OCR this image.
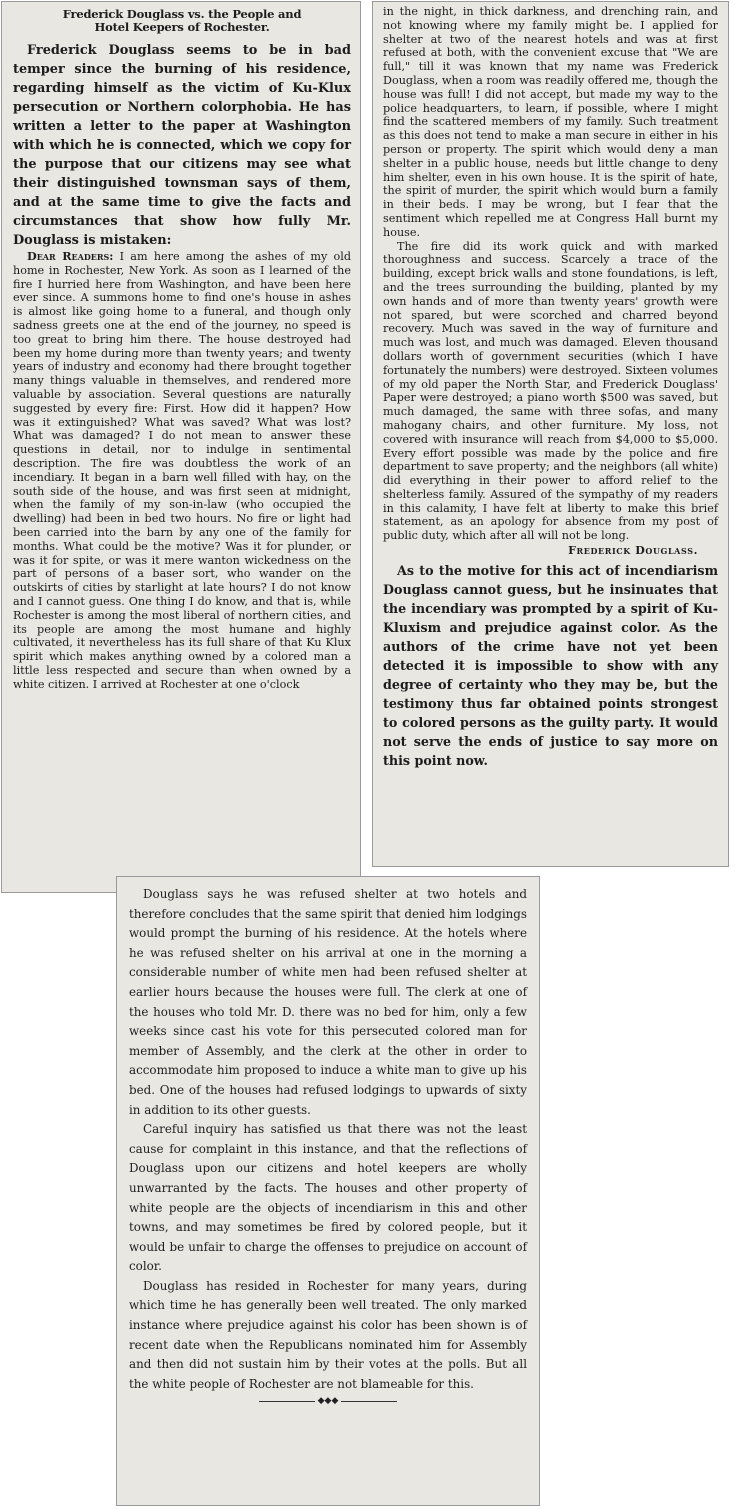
Frederick Douglass vs. the People and
Hotel Keepers of Rochester.

Frederick Douglass seems to be in bad temper since the burning of his residence, regarding himself as the victim of Ku-Klux persecution or Northern colorphobia. He has written a letter to the paper at Washington with which he is connected, which we copy for the purpose that our citizens may see what their distinguished townsman says of them, and at the same time to give the facts and circumstances that show how fully Mr. Douglass is mistaken:

Dear Readers: I am here among the ashes of my old home in Rochester, New York. As soon as I learned of the fire I hurried here from Washington, and have been here ever since. A summons home to find one's house in ashes is almost like going home to a funeral, and though only sadness greets one at the end of the journey, no speed is too great to bring him there. The house destroyed had been my home during more than twenty years; and twenty years of industry and economy had there brought together many things valuable in themselves, and rendered more valuable by association. Several questions are naturally suggested by every fire: First. How did it happen? How was it extinguished? What was saved? What was lost? What was damaged? I do not mean to answer these questions in detail, nor to indulge in sentimental description. The fire was doubtless the work of an incendiary. It began in a barn well filled with hay, on the south side of the house, and was first seen at midnight, when the family of my son-in-law (who occupied the dwelling) had been in bed two hours. No fire or light had been carried into the barn by any one of the family for months. What could be the motive? Was it for plunder, or was it for spite, or was it mere wanton wickedness on the part of persons of a baser sort, who wander on the outskirts of cities by starlight at late hours? I do not know and I cannot guess. One thing I do know, and that is, while Rochester is among the most liberal of northern cities, and its people are among the most humane and highly cultivated, it nevertheless has its full share of that Ku Klux spirit which makes anything owned by a colored man a little less respected and secure than when owned by a white citizen. I arrived at Rochester at one o'clock

in the night, in thick darkness, and drenching rain, and not knowing where my family might be. I applied for shelter at two of the nearest hotels and was at first refused at both, with the convenient excuse that "We are full," till it was known that my name was Frederick Douglass, when a room was readily offered me, though the house was full! I did not accept, but made my way to the police headquarters, to learn, if possible, where I might find the scattered members of my family. Such treatment as this does not tend to make a man secure in either in his person or property. The spirit which would deny a man shelter in a public house, needs but little change to deny him shelter, even in his own house. It is the spirit of hate, the spirit of murder, the spirit which would burn a family in their beds. I may be wrong, but I fear that the sentiment which repelled me at Congress Hall burnt my house.

The fire did its work quick and with marked thoroughness and success. Scarcely a trace of the building, except brick walls and stone foundations, is left, and the trees surrounding the building, planted by my own hands and of more than twenty years' growth were not spared, but were scorched and charred beyond recovery. Much was saved in the way of furniture and much was lost, and much was damaged. Eleven thousand dollars worth of government securities (which I have fortunately the numbers) were destroyed. Sixteen volumes of my old paper the North Star, and Frederick Douglass' Paper were destroyed; a piano worth $500 was saved, but much damaged, the same with three sofas, and many mahogany chairs, and other furniture. My loss, not covered with insurance will reach from $4,000 to $5,000. Every effort possible was made by the police and fire department to save property; and the neighbors (all white) did everything in their power to afford relief to the shelterless family. Assured of the sympathy of my readers in this calamity, I have felt at liberty to make this brief statement, as an apology for absence from my post of public duty, which after all will not be long.

Frederick Douglass.

As to the motive for this act of incendiarism Douglass cannot guess, but he insinuates that the incendiary was prompted by a spirit of Ku-Kluxism and prejudice against color. As the authors of the crime have not yet been detected it is impossible to show with any degree of certainty who they may be, but the testimony thus far obtained points strongest to colored persons as the guilty party. It would not serve the ends of justice to say more on this point now.

Douglass says he was refused shelter at two hotels and therefore concludes that the same spirit that denied him lodgings would prompt the burning of his residence. At the hotels where he was refused shelter on his arrival at one in the morning a considerable number of white men had been refused shelter at earlier hours because the houses were full. The clerk at one of the houses who told Mr. D. there was no bed for him, only a few weeks since cast his vote for this persecuted colored man for member of Assembly, and the clerk at the other in order to accommodate him proposed to induce a white man to give up his bed. One of the houses had refused lodgings to upwards of sixty in addition to its other guests.

Careful inquiry has satisfied us that there was not the least cause for complaint in this instance, and that the reflections of Douglass upon our citizens and hotel keepers are wholly unwarranted by the facts. The houses and other property of white people are the objects of incendiarism in this and other towns, and may sometimes be fired by colored people, but it would be unfair to charge the offenses to prejudice on account of color.

Douglass has resided in Rochester for many years, during which time he has generally been well treated. The only marked instance where prejudice against his color has been shown is of recent date when the Republicans nominated him for Assembly and then did not sustain him by their votes at the polls. But all the white people of Rochester are not blameable for this.

◆◆◆
